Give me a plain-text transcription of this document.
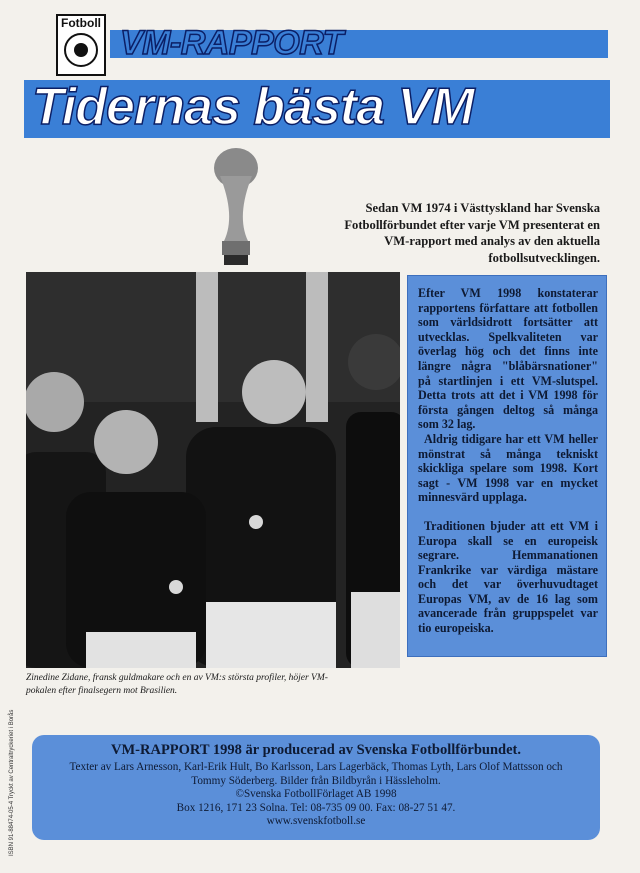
Fotboll
VM-RAPPORT
Tidernas bästa VM
Sedan VM 1974 i Västtyskland har Svenska Fotbollförbundet efter varje VM presenterat en VM-rapport med analys av den aktuella fotbollsutvecklingen.
Zinedine Zidane, fransk guldmakare och en av VM:s största profiler, höjer VM-pokalen efter finalsegern mot Brasilien.
ISBN 91-88474-05-4 Tryckt av Centraltryckeriet i Borås

Efter VM 1998 konstaterar rapportens författare att fotbollen som världsidrott fortsätter att utvecklas. Spelkvaliteten var överlag hög och det finns inte längre några "blåbärsnationer" på startlinjen i ett VM-slutspel. Detta trots att det i VM 1998 för första gången deltog så många som 32 lag.

Aldrig tidigare har ett VM heller mönstrat så många tekniskt skickliga spelare som 1998. Kort sagt - VM 1998 var en mycket minnesvärd upplaga.

Traditionen bjuder att ett VM i Europa skall se en europeisk segrare. Hemmanationen Frankrike var värdiga mästare och det var överhuvudtaget Europas VM, av de 16 lag som avancerade från gruppspelet var tio europeiska.

VM-RAPPORT 1998 är producerad av Svenska Fotbollförbundet.
Texter av Lars Arnesson, Karl-Erik Hult, Bo Karlsson, Lars Lagerbäck, Thomas Lyth, Lars Olof Mattsson och Tommy Söderberg. Bilder från Bildbyrån i Hässleholm.
©Svenska FotbollFörlaget AB 1998
Box 1216, 171 23 Solna. Tel: 08-735 09 00. Fax: 08-27 51 47.
www.svenskfotboll.se
